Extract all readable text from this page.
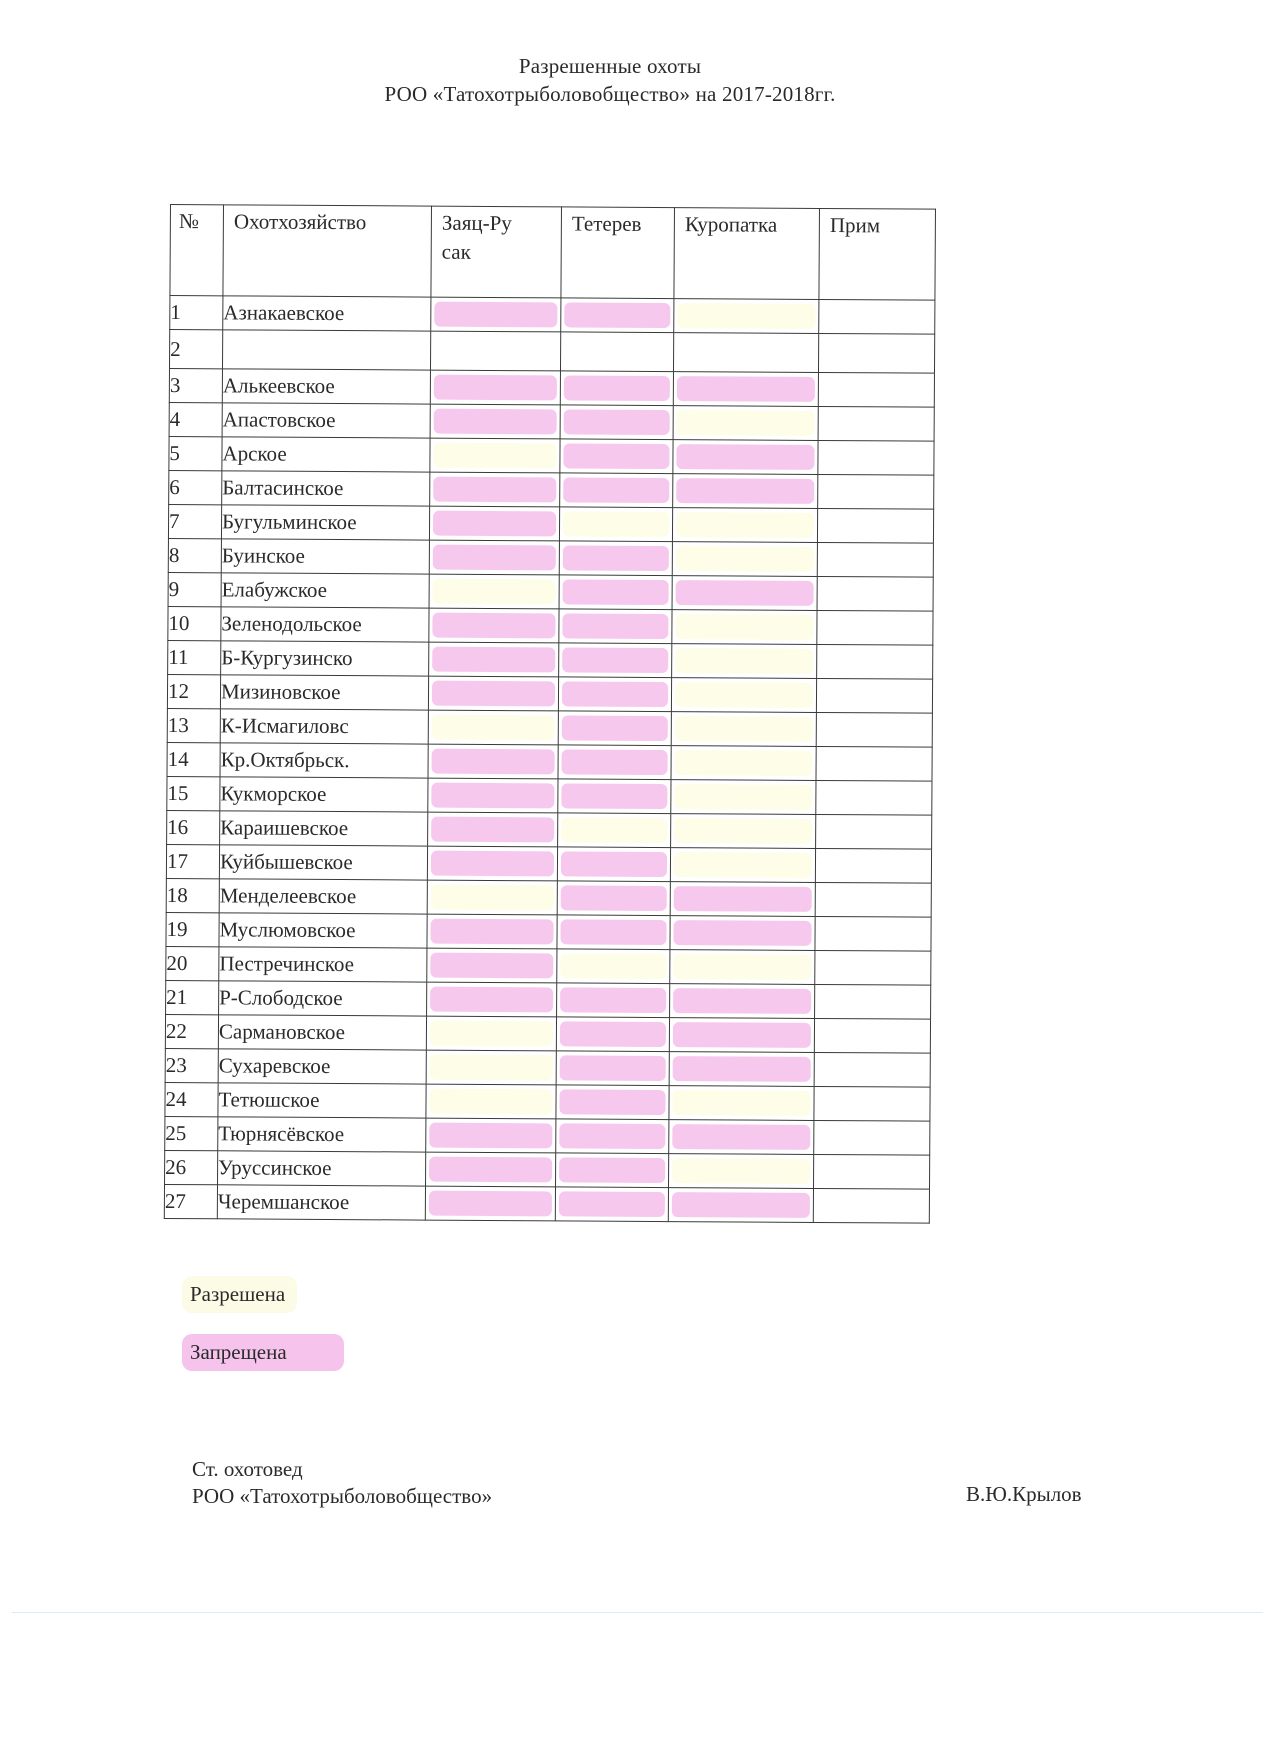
Разрешенные охоты
РОО «Татохотрыболовобщество» на 2017-2018гг.
№	Охотхозяйство	Заяц-Русак	Тетерев	Куропатка	Прим
1	Азнакаевское	

2					
3	Алькеевское	

4	Апастовское	

5	Арское	

6	Балтасинское	

7	Бугульминское	

8	Буинское	

9	Елабужское	

10	Зеленодольское	

11	Б-Кургузинско	

12	Мизиновское	

13	К-Исмагиловс	

14	Кр.Октябрьск.	

15	Кукморское	

16	Караишевское	

17	Куйбышевское	

18	Менделеевское	

19	Муслюмовское	

20	Пестречинское	

21	Р-Слободское	

22	Сармановское	

23	Сухаревское	

24	Тетюшское	

25	Тюрнясёвское	

26	Уруссинское	

27	Черемшанское	

Разрешена
Запрещена
Ст. охотовед
РОО «Татохотрыболовобщество»	В.Ю.Крылов
